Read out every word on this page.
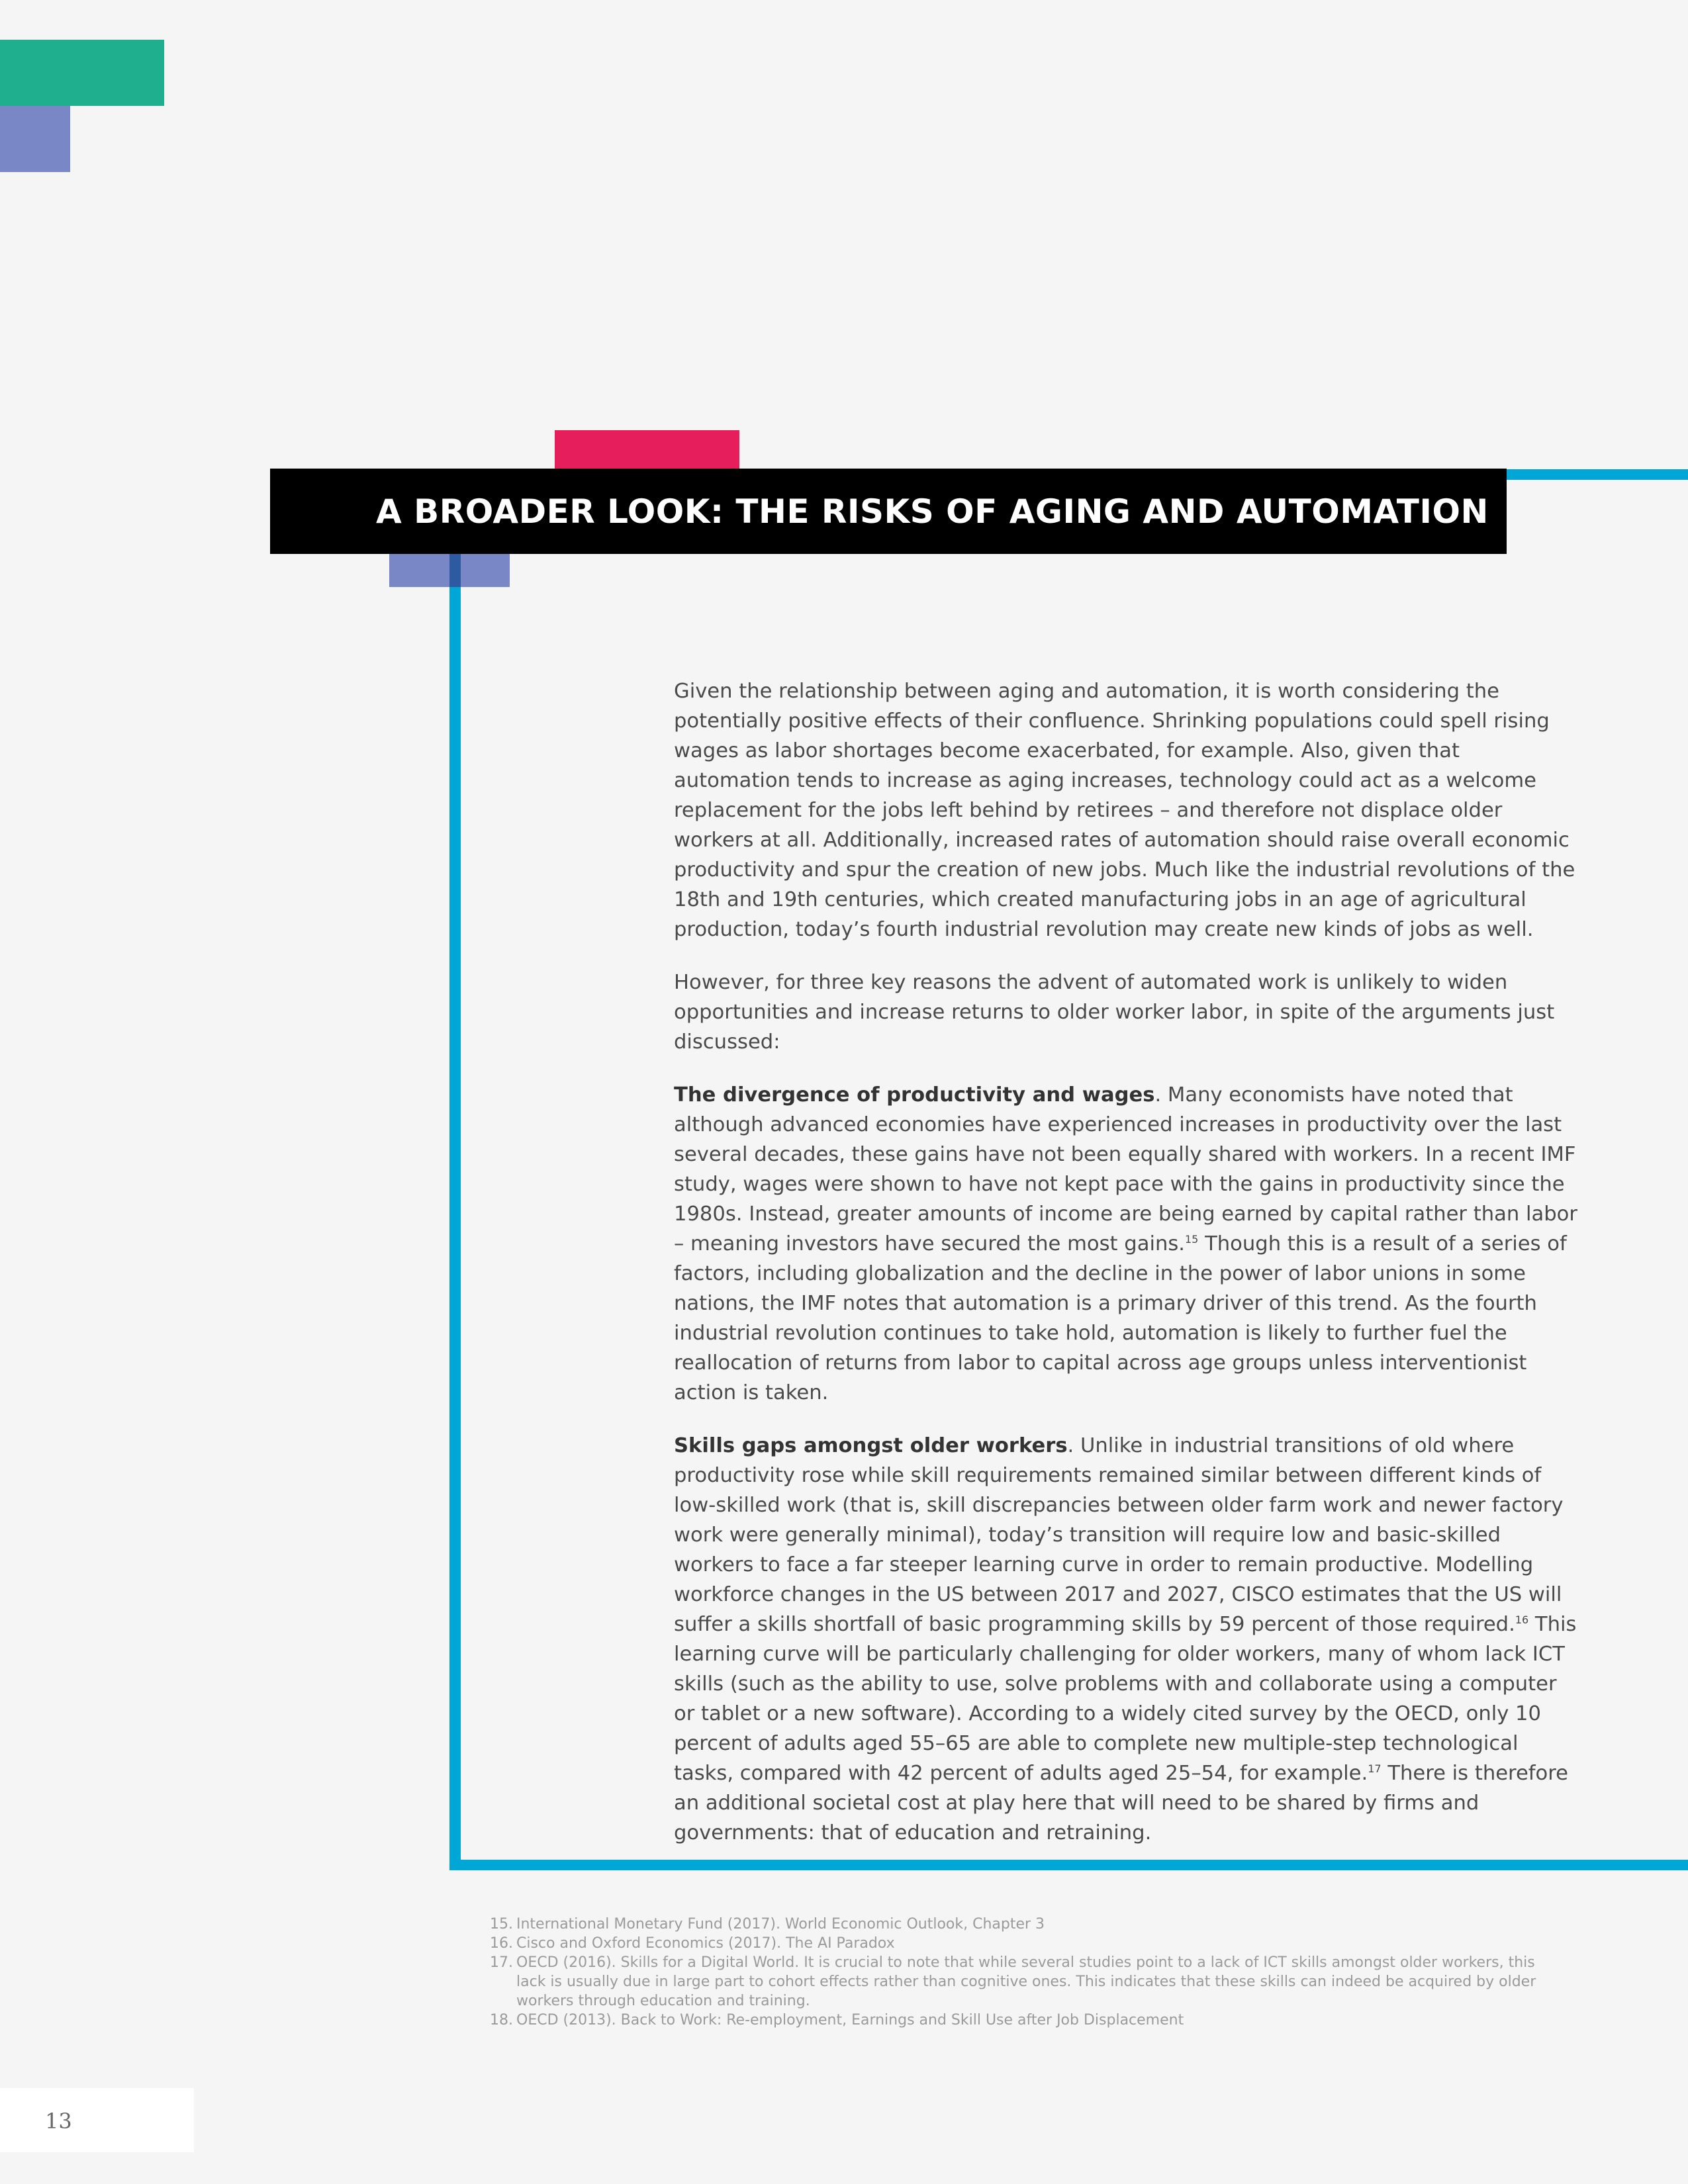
A BROADER LOOK: THE RISKS OF AGING AND AUTOMATION

Given the relationship between aging and automation, it is worth considering the potentially positive effects of their confluence. Shrinking populations could spell rising wages as labor shortages become exacerbated, for example. Also, given that automation tends to increase as aging increases, technology could act as a welcome replacement for the jobs left behind by retirees – and therefore not displace older workers at all. Additionally, increased rates of automation should raise overall economic productivity and spur the creation of new jobs. Much like the industrial revolutions of the 18th and 19th centuries, which created manufacturing jobs in an age of agricultural production, today’s fourth industrial revolution may create new kinds of jobs as well.

However, for three key reasons the advent of automated work is unlikely to widen opportunities and increase returns to older worker labor, in spite of the arguments just discussed:

The divergence of productivity and wages. Many economists have noted that although advanced economies have experienced increases in productivity over the last several decades, these gains have not been equally shared with workers. In a recent IMF study, wages were shown to have not kept pace with the gains in productivity since the 1980s. Instead, greater amounts of income are being earned by capital rather than labor – meaning investors have secured the most gains.$^{15}$ Though this is a result of a series of factors, including globalization and the decline in the power of labor unions in some nations, the IMF notes that automation is a primary driver of this trend. As the fourth industrial revolution continues to take hold, automation is likely to further fuel the reallocation of returns from labor to capital across age groups unless interventionist action is taken.

Skills gaps amongst older workers. Unlike in industrial transitions of old where productivity rose while skill requirements remained similar between different kinds of low-skilled work (that is, skill discrepancies between older farm work and newer factory work were generally minimal), today’s transition will require low and basic-skilled workers to face a far steeper learning curve in order to remain productive. Modelling workforce changes in the US between 2017 and 2027, CISCO estimates that the US will suffer a skills shortfall of basic programming skills by 59 percent of those required.$^{16}$ This learning curve will be particularly challenging for older workers, many of whom lack ICT skills (such as the ability to use, solve problems with and collaborate using a computer or tablet or a new software). According to a widely cited survey by the OECD, only 10 percent of adults aged 55–65 are able to complete new multiple-step technological tasks, compared with 42 percent of adults aged 25–54, for example.$^{17}$ There is therefore an additional societal cost at play here that will need to be shared by firms and governments: that of education and retraining.

15. International Monetary Fund (2017). World Economic Outlook, Chapter 3
16. Cisco and Oxford Economics (2017). The AI Paradox
17. OECD (2016). Skills for a Digital World. It is crucial to note that while several studies point to a lack of ICT skills amongst older workers, this lack is usually due in large part to cohort effects rather than cognitive ones. This indicates that these skills can indeed be acquired by older workers through education and training.
18. OECD (2013). Back to Work: Re-employment, Earnings and Skill Use after Job Displacement
13
